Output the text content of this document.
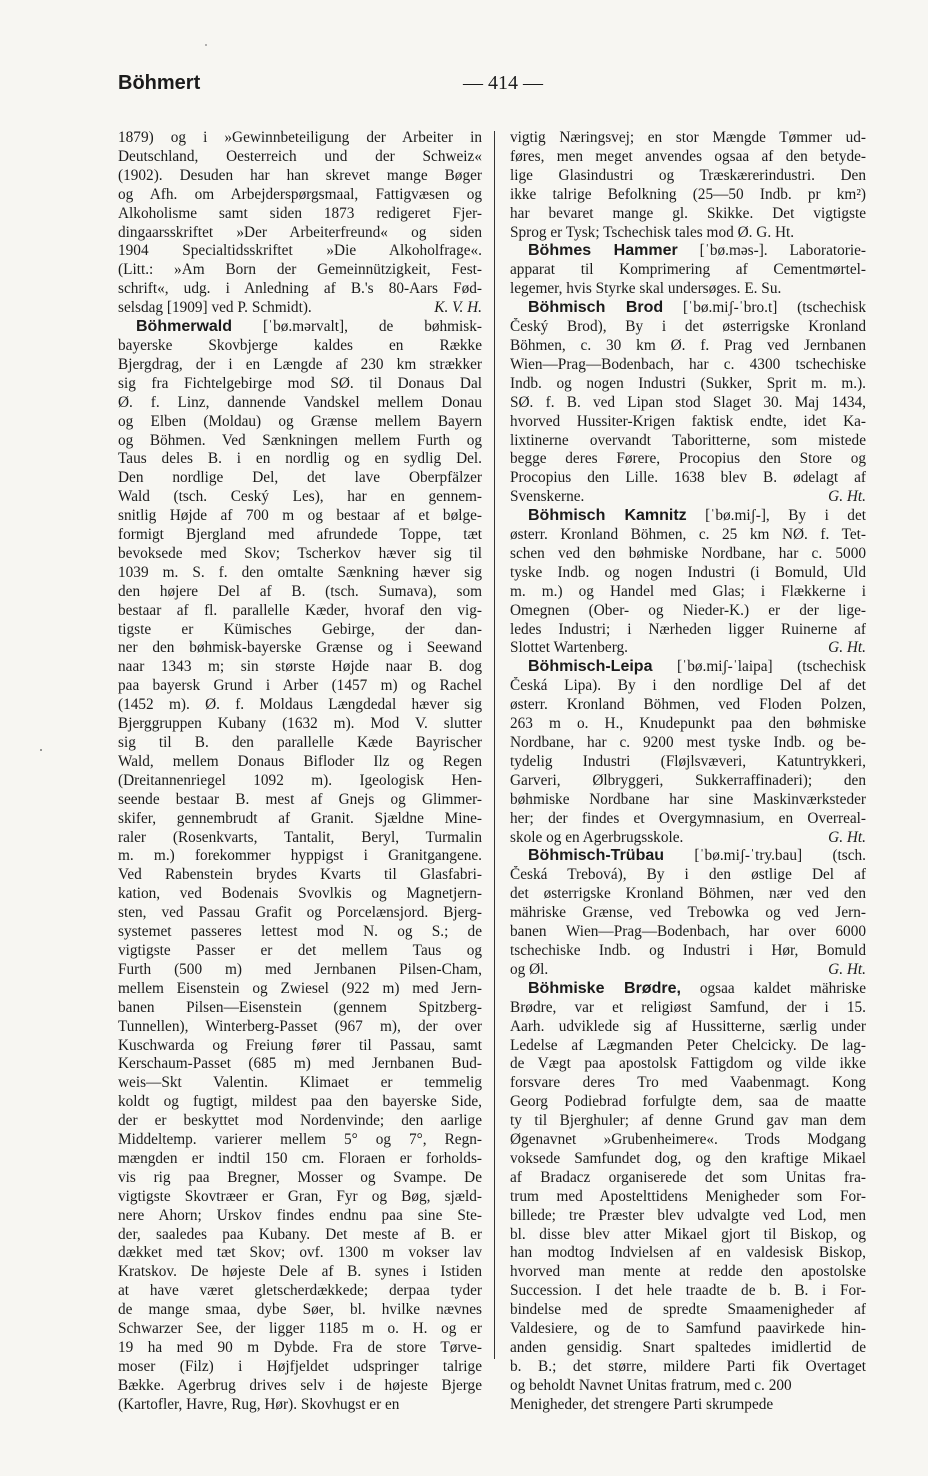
Böhmert	— 414 —
1879) og i »Gewinnbeteiligung der Arbeiter in
Deutschland, Oesterreich und der Schweiz«
(1902). Desuden har han skrevet mange Bøger
og Afh. om Arbejderspørgsmaal, Fattigvæsen og
Alkoholisme samt siden 1873 redigeret Fjer-
dingaarsskriftet »Der Arbeiterfreund« og siden
1904 Specialtidsskriftet »Die Alkoholfrage«.
(Litt.: »Am Born der Gemeinnützigkeit, Fest-
schrift«, udg. i Anledning af B.'s 80-Aars Fød-
selsdag [1909] ved P. Schmidt).	K. V. H.
Böhmerwald [ˈbø.mərvalt], de bøhmisk-
bayerske Skovbjerge kaldes en Række
Bjergdrag, der i en Længde af 230 km strækker
sig fra Fichtelgebirge mod SØ. til Donaus Dal
Ø. f. Linz, dannende Vandskel mellem Donau
og Elben (Moldau) og Grænse mellem Bayern
og Böhmen. Ved Sænkningen mellem Furth og
Taus deles B. i en nordlig og en sydlig Del.
Den nordlige Del, det lave Oberpfälzer
Wald (tsch. Ceský Les), har en gennem-
snitlig Højde af 700 m og bestaar af et bølge-
formigt Bjergland med afrundede Toppe, tæt
bevoksede med Skov; Tscherkov hæver sig til
1039 m. S. f. den omtalte Sænkning hæver sig
den højere Del af B. (tsch. Sumava), som
bestaar af fl. parallelle Kæder, hvoraf den vig-
tigste er Kümisches Gebirge, der dan-
ner den bøhmisk-bayerske Grænse og i Seewand
naar 1343 m; sin største Højde naar B. dog
paa bayersk Grund i Arber (1457 m) og Rachel
(1452 m). Ø. f. Moldaus Længdedal hæver sig
Bjerggruppen Kubany (1632 m). Mod V. slutter
sig til B. den parallelle Kæde Bayrischer
Wald, mellem Donaus Bifloder Ilz og Regen
(Dreitannenriegel 1092 m). Igeologisk Hen-
seende bestaar B. mest af Gnejs og Glimmer-
skifer, gennembrudt af Granit. Sjældne Mine-
raler (Rosenkvarts, Tantalit, Beryl, Turmalin
m. m.) forekommer hyppigst i Granitgangene.
Ved Rabenstein brydes Kvarts til Glasfabri-
kation, ved Bodenais Svovlkis og Magnetjern-
sten, ved Passau Grafit og Porcelænsjord. Bjerg-
systemet passeres lettest mod N. og S.; de
vigtigste Passer er det mellem Taus og
Furth (500 m) med Jernbanen Pilsen-Cham,
mellem Eisenstein og Zwiesel (922 m) med Jern-
banen Pilsen—Eisenstein (gennem Spitzberg-
Tunnellen), Winterberg-Passet (967 m), der over
Kuschwarda og Freiung fører til Passau, samt
Kerschaum-Passet (685 m) med Jernbanen Bud-
weis—Skt Valentin. Klimaet er temmelig
koldt og fugtigt, mildest paa den bayerske Side,
der er beskyttet mod Nordenvinde; den aarlige
Middeltemp. varierer mellem 5° og 7°, Regn-
mængden er indtil 150 cm. Floraen er forholds-
vis rig paa Bregner, Mosser og Svampe. De
vigtigste Skovtræer er Gran, Fyr og Bøg, sjæld-
nere Ahorn; Urskov findes endnu paa sine Ste-
der, saaledes paa Kubany. Det meste af B. er
dækket med tæt Skov; ovf. 1300 m vokser lav
Kratskov. De højeste Dele af B. synes i Istiden
at have været gletscherdækkede; derpaa tyder
de mange smaa, dybe Søer, bl. hvilke nævnes
Schwarzer See, der ligger 1185 m o. H. og er
19 ha med 90 m Dybde. Fra de store Tørve-
moser (Filz) i Højfjeldet udspringer talrige
Bække. Agerbrug drives selv i de højeste Bjerge
(Kartofler, Havre, Rug, Hør). Skovhugst er en
vigtig Næringsvej; en stor Mængde Tømmer ud-
føres, men meget anvendes ogsaa af den betyde-
lige Glasindustri og Træskærerindustri. Den
ikke talrige Befolkning (25—50 Indb. pr km²)
har bevaret mange gl. Skikke. Det vigtigste
Sprog er Tysk; Tschechisk tales mod Ø. G. Ht.
Böhmes Hammer [ˈbø.məs-]. Laboratorie-
apparat til Komprimering af Cementmørtel-
legemer, hvis Styrke skal undersøges. E. Su.
Böhmisch Brod [ˈbø.miʃ-ˈbro.t] (tschechisk
Český Brod), By i det østerrigske Kronland
Böhmen, c. 30 km Ø. f. Prag ved Jernbanen
Wien—Prag—Bodenbach, har c. 4300 tschechiske
Indb. og nogen Industri (Sukker, Sprit m. m.).
SØ. f. B. ved Lipan stod Slaget 30. Maj 1434,
hvorved Hussiter-Krigen faktisk endte, idet Ka-
lixtinerne overvandt Taboritterne, som mistede
begge deres Førere, Procopius den Store og
Procopius den Lille. 1638 blev B. ødelagt af
Svenskerne.	G. Ht.
Böhmisch Kamnitz [ˈbø.miʃ-], By i det
østerr. Kronland Böhmen, c. 25 km NØ. f. Tet-
schen ved den bøhmiske Nordbane, har c. 5000
tyske Indb. og nogen Industri (i Bomuld, Uld
m. m.) og Handel med Glas; i Flækkerne i
Omegnen (Ober- og Nieder-K.) er der lige-
ledes Industri; i Nærheden ligger Ruinerne af
Slottet Wartenberg.	G. Ht.
Böhmisch-Leipa [ˈbø.miʃ-ˈlaipa] (tschechisk
Česká Lipa). By i den nordlige Del af det
østerr. Kronland Böhmen, ved Floden Polzen,
263 m o. H., Knudepunkt paa den bøhmiske
Nordbane, har c. 9200 mest tyske Indb. og be-
tydelig Industri (Fløjlsvæveri, Katuntrykkeri,
Garveri, Ølbryggeri, Sukkerraffinaderi); den
bøhmiske Nordbane har sine Maskinværksteder
her; der findes et Overgymnasium, en Overreal-
skole og en Agerbrugsskole.	G. Ht.
Böhmisch-Trübau [ˈbø.miʃ-ˈtry.bau] (tsch.
Česká Trebová), By i den østlige Del af
det østerrigske Kronland Böhmen, nær ved den
mähriske Grænse, ved Trebowka og ved Jern-
banen Wien—Prag—Bodenbach, har over 6000
tschechiske Indb. og Industri i Hør, Bomuld
og Øl.	G. Ht.
Böhmiske Brødre, ogsaa kaldet mähriske
Brødre, var et religiøst Samfund, der i 15.
Aarh. udviklede sig af Hussitterne, særlig under
Ledelse af Lægmanden Peter Chelcicky. De lag-
de Vægt paa apostolsk Fattigdom og vilde ikke
forsvare deres Tro med Vaabenmagt. Kong
Georg Podiebrad forfulgte dem, saa de maatte
ty til Bjerghuler; af denne Grund gav man dem
Øgenavnet »Grubenheimere«. Trods Modgang
voksede Samfundet dog, og den kraftige Mikael
af Bradacz organiserede det som Unitas fra-
trum med Apostelttidens Menigheder som For-
billede; tre Præster blev udvalgte ved Lod, men
bl. disse blev atter Mikael gjort til Biskop, og
han modtog Indvielsen af en valdesisk Biskop,
hvorved man mente at redde den apostolske
Succession. I det hele traadte de b. B. i For-
bindelse med de spredte Smaamenigheder af
Valdesiere, og de to Samfund paavirkede hin-
anden gensidig. Snart spaltedes imidlertid de
b. B.; det større, mildere Parti fik Overtaget
og beholdt Navnet Unitas fratrum, med c. 200
Menigheder, det strengere Parti skrumpede
